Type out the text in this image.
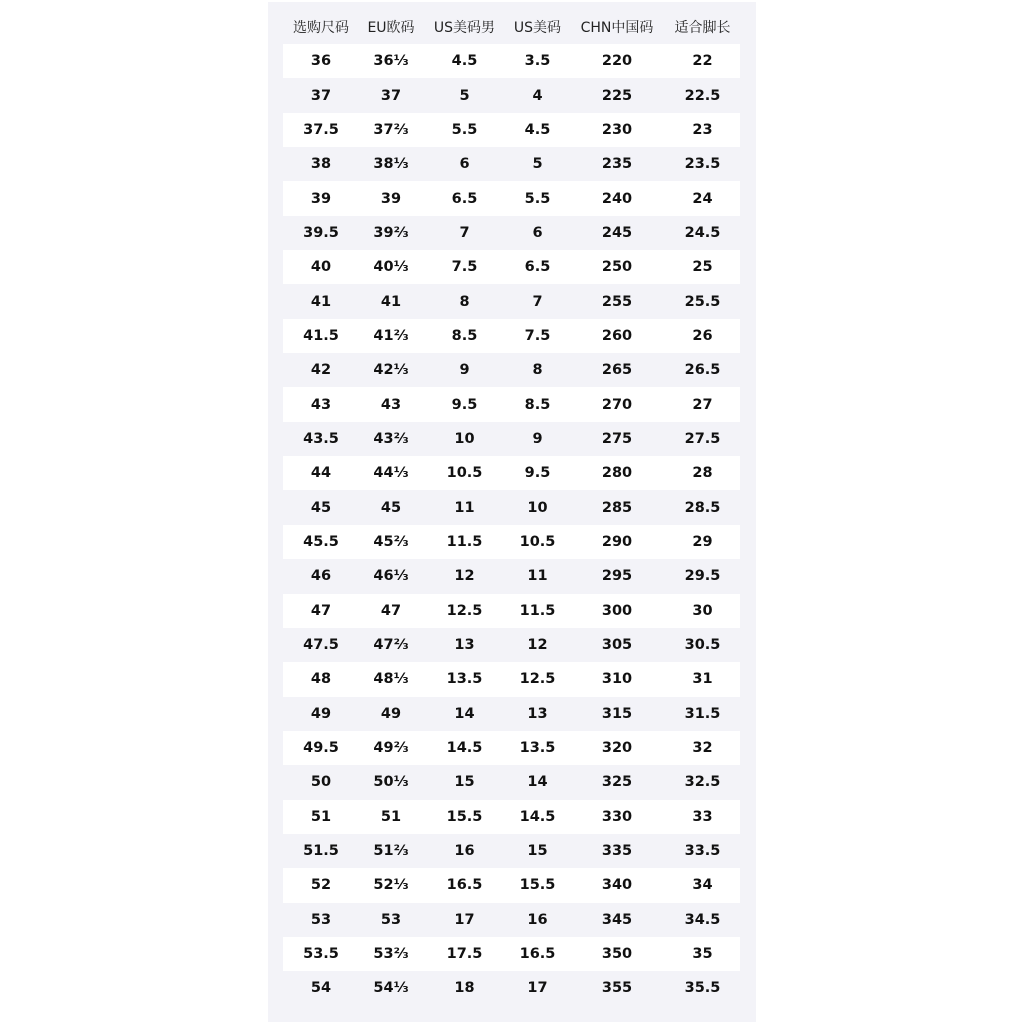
选购尺码	EU欧码	US美码男	US美码	CHN中国码	适合脚长
36	36⅓	4.5	3.5	220	22
37	37	5	4	225	22.5
37.5	37⅔	5.5	4.5	230	23
38	38⅓	6	5	235	23.5
39	39	6.5	5.5	240	24
39.5	39⅔	7	6	245	24.5
40	40⅓	7.5	6.5	250	25
41	41	8	7	255	25.5
41.5	41⅔	8.5	7.5	260	26
42	42⅓	9	8	265	26.5
43	43	9.5	8.5	270	27
43.5	43⅔	10	9	275	27.5
44	44⅓	10.5	9.5	280	28
45	45	11	10	285	28.5
45.5	45⅔	11.5	10.5	290	29
46	46⅓	12	11	295	29.5
47	47	12.5	11.5	300	30
47.5	47⅔	13	12	305	30.5
48	48⅓	13.5	12.5	310	31
49	49	14	13	315	31.5
49.5	49⅔	14.5	13.5	320	32
50	50⅓	15	14	325	32.5
51	51	15.5	14.5	330	33
51.5	51⅔	16	15	335	33.5
52	52⅓	16.5	15.5	340	34
53	53	17	16	345	34.5
53.5	53⅔	17.5	16.5	350	35
54	54⅓	18	17	355	35.5
